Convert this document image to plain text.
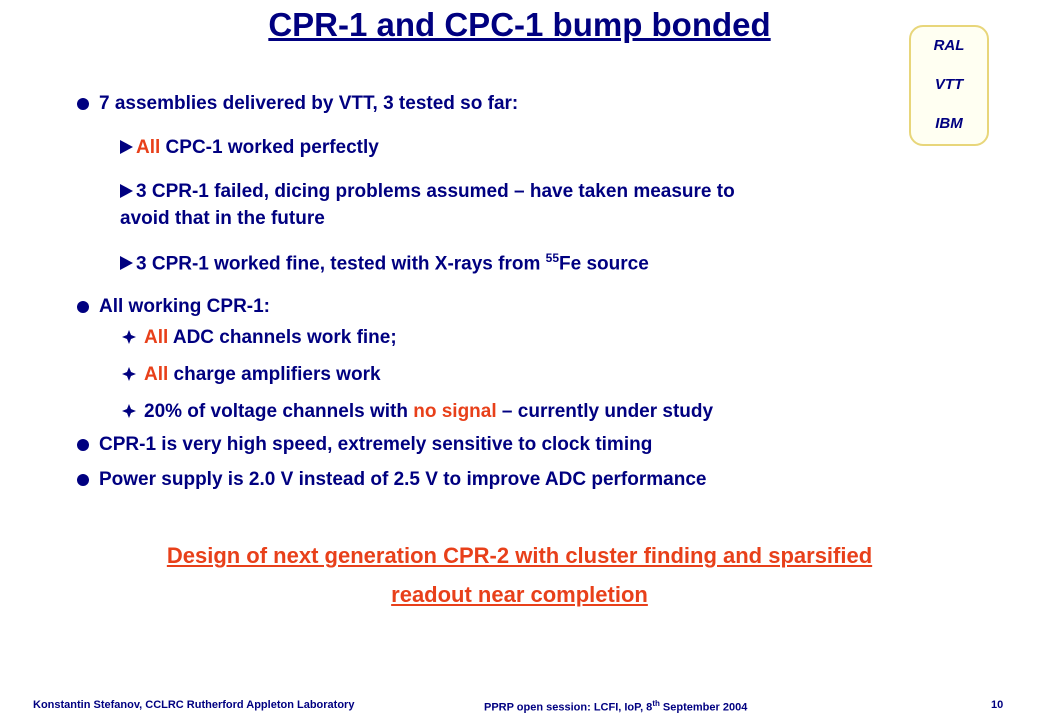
CPR-1 and CPC-1 bump bonded
RAL
VTT
IBM
7 assemblies delivered by VTT, 3 tested so far:
All CPC-1 worked perfectly
3 CPR-1 failed, dicing problems assumed – have taken measure to
avoid that in the future
3 CPR-1 worked fine, tested with X-rays from $^{55}$Fe source
All working CPR-1:
All ADC channels work fine;
All charge amplifiers work
20% of voltage channels with no signal – currently under study
CPR-1 is very high speed, extremely sensitive to clock timing
Power supply is 2.0 V instead of 2.5 V to improve ADC performance
Design of next generation CPR-2 with cluster finding and sparsified
readout near completion
Konstantin Stefanov, CCLRC Rutherford Appleton Laboratory	PPRP open session: LCFI, IoP, 8th September 2004	10
